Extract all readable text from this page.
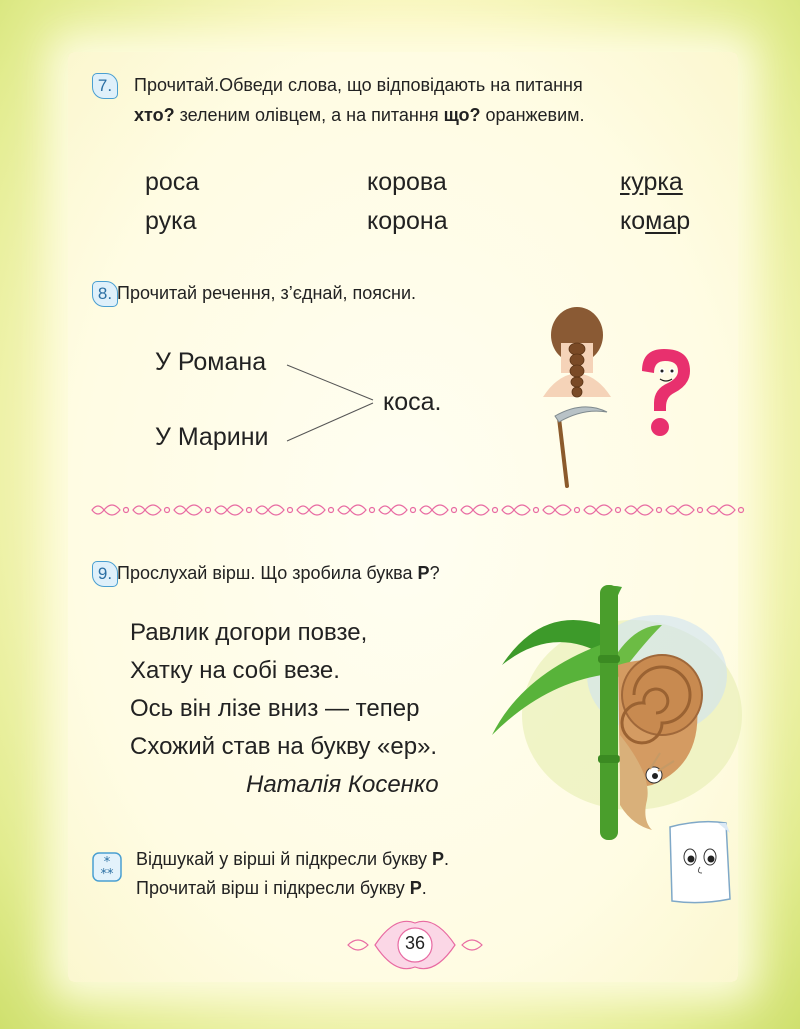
7.	Прочитай.Обведи слова, що відповідають на питання
хто? зеленим олівцем, а на питання що? оранжевим.
роса	корова	курка
рука	корона	комар
8. Прочитай речення, з’єднай, поясни.
У Романа
У Марини
коса.
9. Прослухай вірш. Що зробила буква Р?
Равлик догори повзе,
Хатку на собі везе.
Ось він лізе вниз — тепер
Схожий став на букву «ер».
Наталія Косенко
*
**
Відшукай у вірші й підкресли букву Р.
Прочитай вірш і підкресли букву Р.
36
